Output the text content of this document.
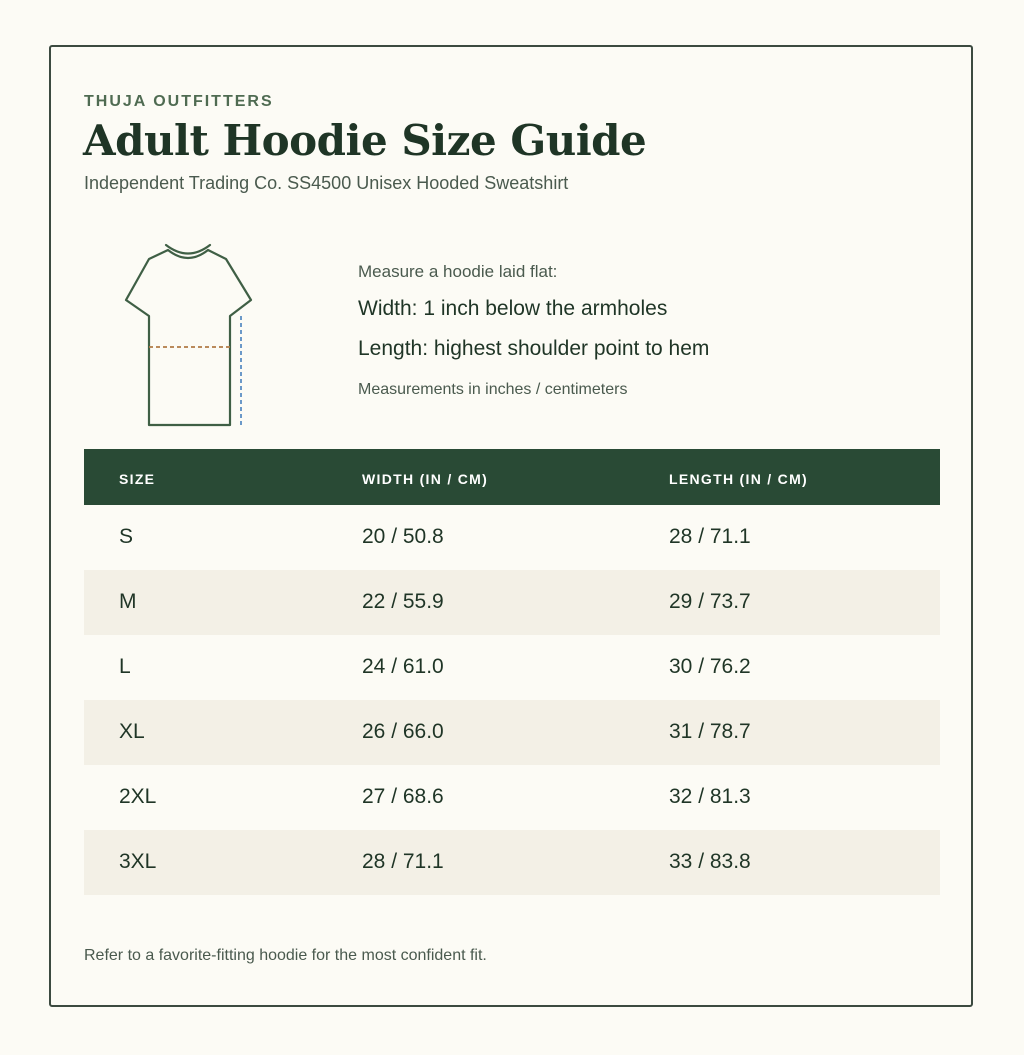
THUJA OUTFITTERS
Adult Hoodie Size Guide
Independent Trading Co. SS4500 Unisex Hooded Sweatshirt
Measure a hoodie laid flat:
Width: 1 inch below the armholes
Length: highest shoulder point to hem
Measurements in inches / centimeters
SIZE	WIDTH (IN / CM)	LENGTH (IN / CM)
S	20 / 50.8	28 / 71.1
M	22 / 55.9	29 / 73.7
L	24 / 61.0	30 / 76.2
XL	26 / 66.0	31 / 78.7
2XL	27 / 68.6	32 / 81.3
3XL	28 / 71.1	33 / 83.8
Refer to a favorite-fitting hoodie for the most confident fit.
